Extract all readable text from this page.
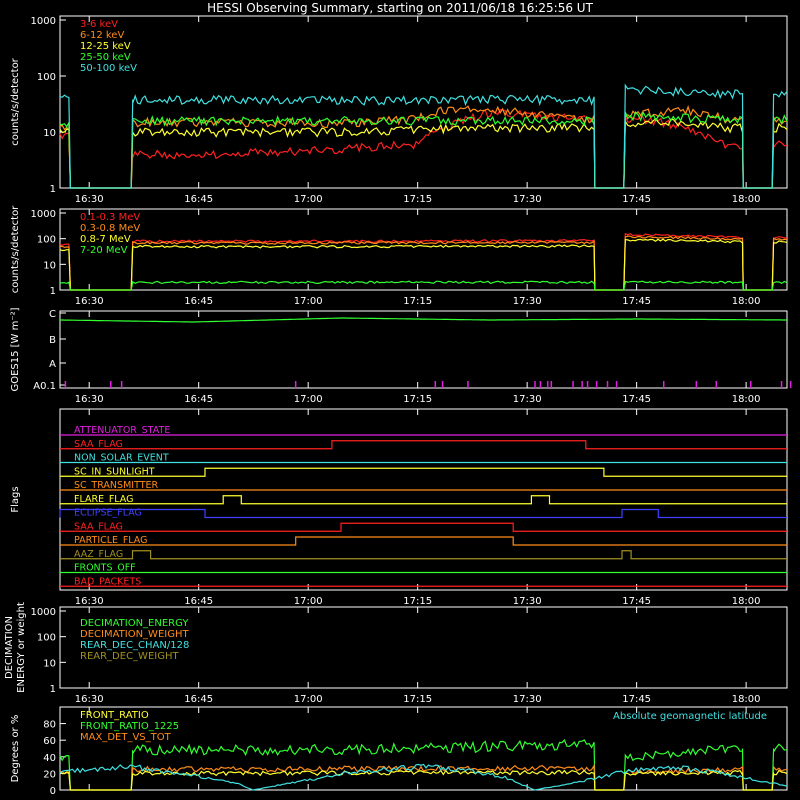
HESSI Observing Summary, starting on 2011/06/18 16:25:56 UT
counts/s/detector
16:30	16:45	17:00	17:15	17:30	17:45	18:00
1
10
100
1000 3-6 keV
6-12 keV
12-25 keV
25-50 keV
50-100 keV
counts/s/detector
16:30	16:45	17:00	17:15	17:30	17:45	18:00
1
10
100
1000 0.1-0.3 MeV
0.3-0.8 MeV
0.8-7 MeV
7-20 MeV
GOES15 [W m⁻²]
16:30	16:45	17:00	17:15	17:30	17:45	18:00
A0.1
A
B
C
Flags
16:30	16:45	17:00	17:15	17:30	17:45	18:00
ATTENUATOR_STATE
SAA_FLAG
NON_SOLAR_EVENT
SC_IN_SUNLIGHT
SC_TRANSMITTER
FLARE_FLAG
ECLIPSE_FLAG
SAA_FLAG
PARTICLE_FLAG
AAZ_FLAG
FRONTS_OFF
BAD_PACKETS
16:30	16:45	17:00	17:15	17:30	17:45	18:00
DECIMATION ENERGY or weight 1
10
100
1000
DECIMATION_ENERGY
DECIMATION_WEIGHT
REAR_DEC_CHAN/128
REAR_DEC_WEIGHT
Degrees or %
0
20
40
60
80
FRONT_RATIO
FRONT_RATIO_1225
MAX_DET_VS_TOT
Absolute geomagnetic latitude
